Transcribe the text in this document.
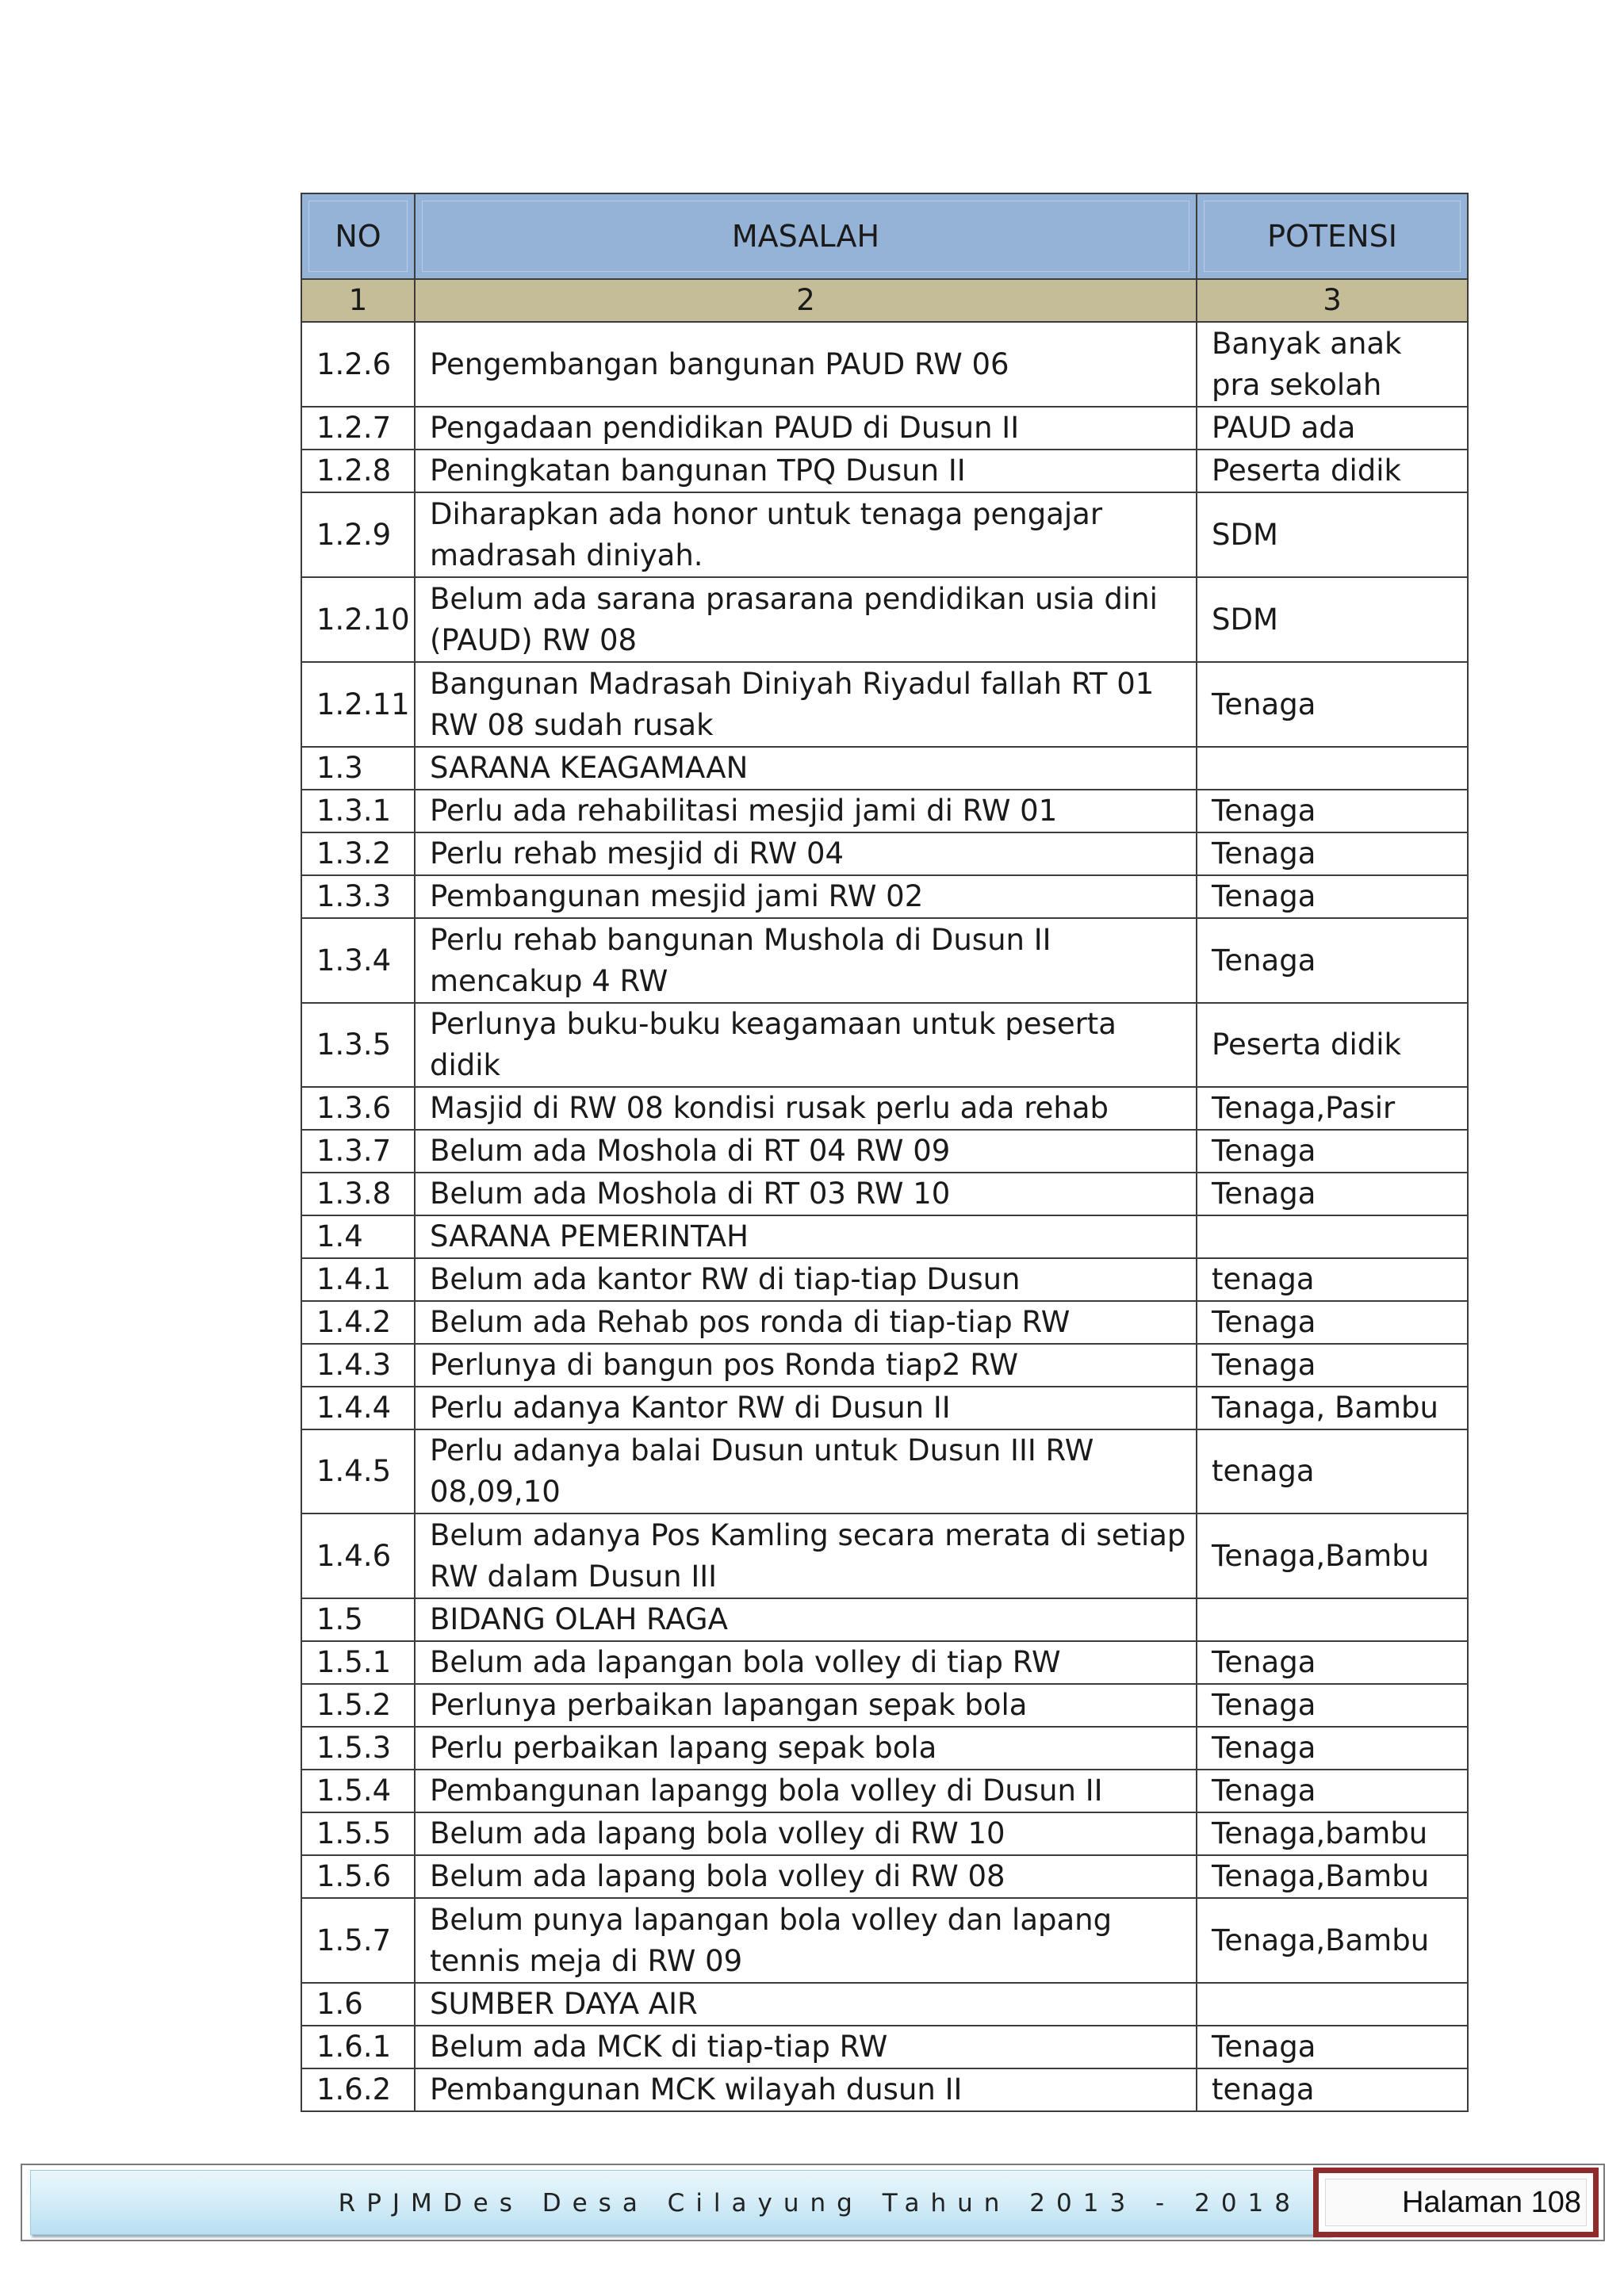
NO	MASALAH	POTENSI

1	2	3
1.2.6	Pengembangan bangunan PAUD RW 06	Banyak anak pra sekolah
1.2.7	Pengadaan pendidikan PAUD di Dusun II	PAUD ada
1.2.8	Peningkatan bangunan TPQ Dusun II	Peserta didik
1.2.9	Diharapkan ada honor untuk tenaga pengajar madrasah diniyah.	SDM
1.2.10	Belum ada sarana prasarana pendidikan usia dini (PAUD) RW 08	SDM
1.2.11	Bangunan Madrasah Diniyah Riyadul fallah RT 01 RW 08 sudah rusak	Tenaga
1.3	SARANA KEAGAMAAN	
1.3.1	Perlu ada rehabilitasi mesjid jami di RW 01	Tenaga
1.3.2	Perlu rehab mesjid di RW 04	Tenaga
1.3.3	Pembangunan mesjid jami RW 02	Tenaga
1.3.4	Perlu rehab bangunan Mushola di Dusun II mencakup 4 RW	Tenaga
1.3.5	Perlunya buku-buku keagamaan untuk peserta didik	Peserta didik
1.3.6	Masjid di RW 08 kondisi rusak perlu ada rehab	Tenaga,Pasir
1.3.7	Belum ada Moshola di RT 04 RW 09	Tenaga
1.3.8	Belum ada Moshola di RT 03 RW 10	Tenaga
1.4	SARANA PEMERINTAH	
1.4.1	Belum ada kantor RW di tiap-tiap Dusun	tenaga
1.4.2	Belum ada Rehab pos ronda di tiap-tiap RW	Tenaga
1.4.3	Perlunya di bangun pos Ronda tiap2 RW	Tenaga
1.4.4	Perlu adanya Kantor RW di Dusun II	Tanaga, Bambu
1.4.5	Perlu adanya balai Dusun untuk Dusun III RW 08,09,10	tenaga
1.4.6	Belum adanya Pos Kamling secara merata di setiap RW dalam Dusun III	Tenaga,Bambu
1.5	BIDANG OLAH RAGA	
1.5.1	Belum ada lapangan bola volley di tiap RW	Tenaga
1.5.2	Perlunya perbaikan lapangan sepak bola	Tenaga
1.5.3	Perlu perbaikan lapang sepak bola	Tenaga
1.5.4	Pembangunan lapangg bola volley di Dusun II	Tenaga
1.5.5	Belum ada lapang bola volley di RW 10	Tenaga,bambu
1.5.6	Belum ada lapang bola volley di RW 08	Tenaga,Bambu
1.5.7	Belum punya lapangan bola volley dan lapang tennis meja di RW 09	Tenaga,Bambu
1.6	SUMBER DAYA AIR	
1.6.1	Belum ada MCK di tiap-tiap RW	Tenaga
1.6.2	Pembangunan MCK wilayah dusun II	tenaga
RPJMDes Desa Cilayung Tahun 2013 - 2018	Halaman 108
